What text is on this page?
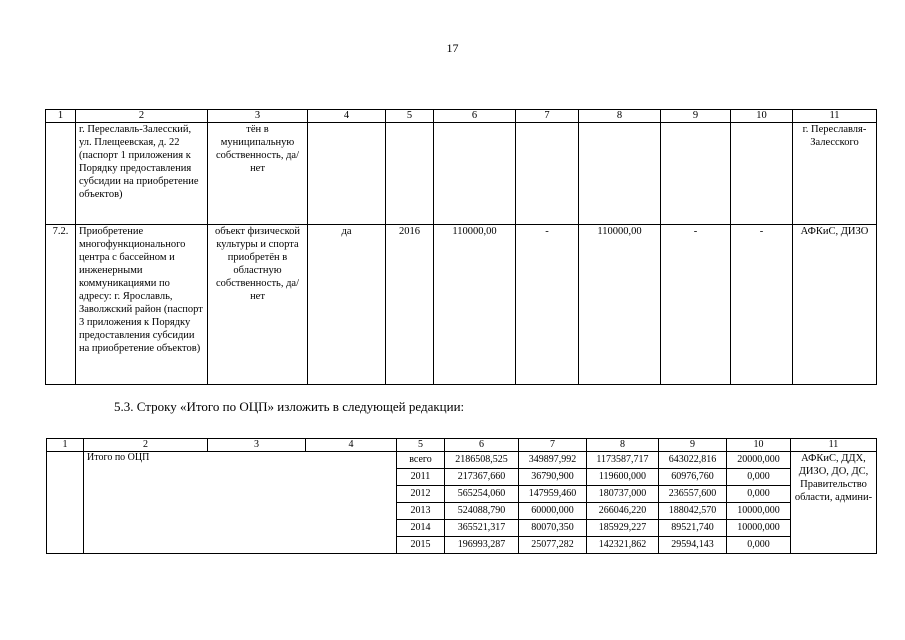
17
1	2	3	4	5	6	7	8	9	10	11
	г. Переславль-Залесский, ул. Плещеевская, д. 22 (паспорт 1 приложения к Порядку предоставления субсидии на приобретение объектов)	тён в муниципальную собственность, да/нет								г. Переславля-Залесского
7.2.	Приобретение многофункционального центра с бассейном и инженерными коммуникациями по адресу: г. Ярославль, Заволжский район (паспорт 3 приложения к Порядку предоставления субсидии на приобретение объектов)	объект физической культуры и спорта приобретён в областную собственность, да/ нет	да	2016	110000,00	-	110000,00	-	-	АФКиС, ДИЗО
5.3. Строку «Итого по ОЦП» изложить в следующей редакции:
1	2	3	4	5	6	7	8	9	10	11
	Итого по ОЦП			всего	2186508,525	349897,992	1173587,717	643022,816	20000,000	АФКиС, ДДХ, ДИЗО, ДО, ДС, Правительство области, админи-
				2011	217367,660	36790,900	119600,000	60976,760	0,000	
				2012	565254,060	147959,460	180737,000	236557,600	0,000	
				2013	524088,790	60000,000	266046,220	188042,570	10000,000	
				2014	365521,317	80070,350	185929,227	89521,740	10000,000	
				2015	196993,287	25077,282	142321,862	29594,143	0,000	
